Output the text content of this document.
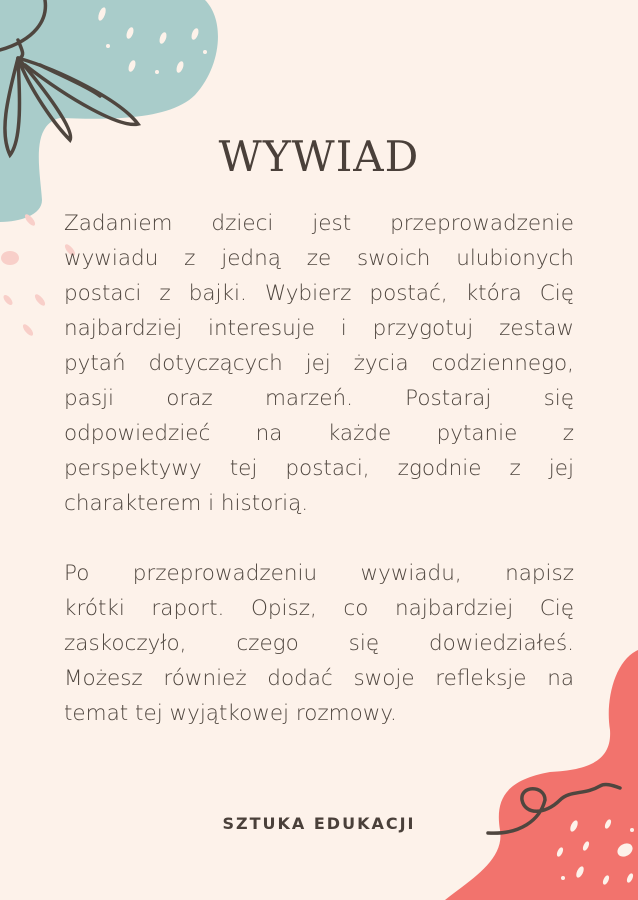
WYWIAD
Zadaniem dzieci jest przeprowadzenie
wywiadu z jedną ze swoich ulubionych
postaci z bajki. Wybierz postać, która Cię
najbardziej interesuje i przygotuj zestaw
pytań dotyczących jej życia codziennego,
pasji oraz marzeń. Postaraj się
odpowiedzieć na każde pytanie z
perspektywy tej postaci, zgodnie z jej
charakterem i historią.
Po przeprowadzeniu wywiadu, napisz
krótki raport. Opisz, co najbardziej Cię
zaskoczyło, czego się dowiedziałeś.
Możesz również dodać swoje refleksje na
temat tej wyjątkowej rozmowy.
SZTUKA EDUKACJI
